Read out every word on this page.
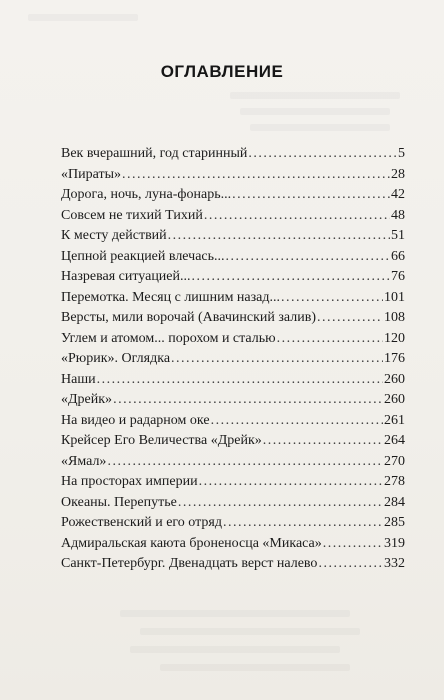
ОГЛАВЛЕНИЕ
Век вчерашний, год старинный .....	5
«Пираты» .....	28
Дорога, ночь, луна-фонарь... .....	42
Совсем не тихий Тихий .....	48
К месту действий .....	51
Цепной реакцией влечась... .....	66
Назревая ситуацией... .....	76
Перемотка. Месяц с лишним назад... .....	101
Версты, мили ворочай (Авачинский залив) .....	108
Углем и атомом... порохом и сталью .....	120
«Рюрик». Оглядка .....	176
Наши .....	260
«Дрейк» .....	260
На видео и радарном оке .....	261
Крейсер Его Величества «Дрейк» .....	264
«Ямал» .....	270
На просторах империи .....	278
Океаны. Перепутье .....	284
Рожественский и его отряд .....	285
Адмиральская каюта броненосца «Микаса» .....	319
Санкт-Петербург. Двенадцать верст налево .....	332
